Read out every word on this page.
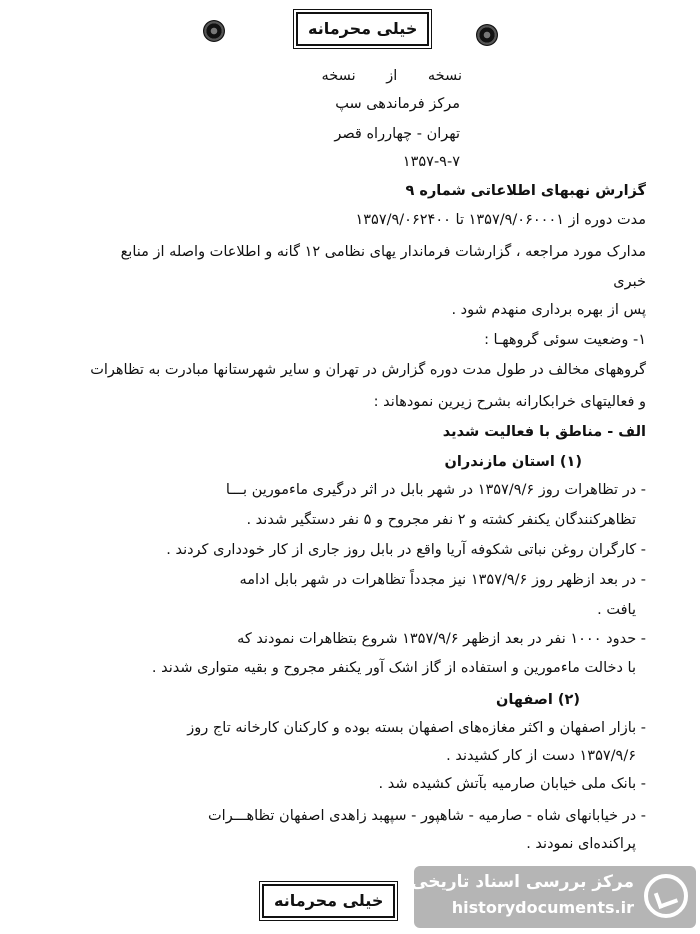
خیلی محرمانه
نسخه از نسخه
مرکز فرماندهی سپ
تهران - چهارراه قصر
۱۳۵۷-۹-۷
گزارش نهبهای اطلاعاتی شماره ۹
مدت دوره از ۱۳۵۷/۹/۰۶۰۰۰۱ تا ۱۳۵۷/۹/۰۶۲۴۰۰
مدارک مورد مراجعه ، گزارشات فرماندار یهای نظامی ۱۲ گانه و اطلاعات واصله از منابع
خبری
پس از بهره برداری منهدم شود .
۱- وضعیت سوئی گروههـا :
گروههای مخالف در طول مدت دوره گزارش در تهران و سایر شهرستانها مبادرت به تظاهرات
و فعالیتهای خرابکارانه بشرح زیرین نمودهاند :
الف - مناطق با فعالیت شدید
(۱) استان مازندران
- در تظاهرات روز ۱۳۵۷/۹/۶ در شهر بابل در اثر درگیری ماءمورین بـــا
تظاهرکنندگان یکنفر کشته و ۲ نفر مجروح و ۵ نفر دستگیر شدند .
- کارگران روغن نباتی شکوفه آریا واقع در بابل روز جاری از کار خودداری کردند .
- در بعد ازظهر روز ۱۳۵۷/۹/۶ نیز مجدداً تظاهرات در شهر بابل ادامه
یافت .
- حدود ۱۰۰۰ نفر در بعد ازظهر ۱۳۵۷/۹/۶ شروع بتظاهرات نمودند که
با دخالت ماءمورین و استفاده از گاز اشک آور یکنفر مجروح و بقیه متواری شدند .
(۲) اصفهان
- بازار اصفهان و اکثر مغازه‌های اصفهان بسته بوده و کارکنان کارخانه تاج روز
۱۳۵۷/۹/۶ دست از کار کشیدند .
- بانک ملی خیابان صارمیه بآتش کشیده شد .
- در خیابانهای شاه - صارمیه - شاهپور - سپهبد زاهدی اصفهان تظاهـــرات
پراکنده‌ای نمودند .
خیلی محرمانه
مرکز بررسی اسناد تاریخی
historydocuments.ir
